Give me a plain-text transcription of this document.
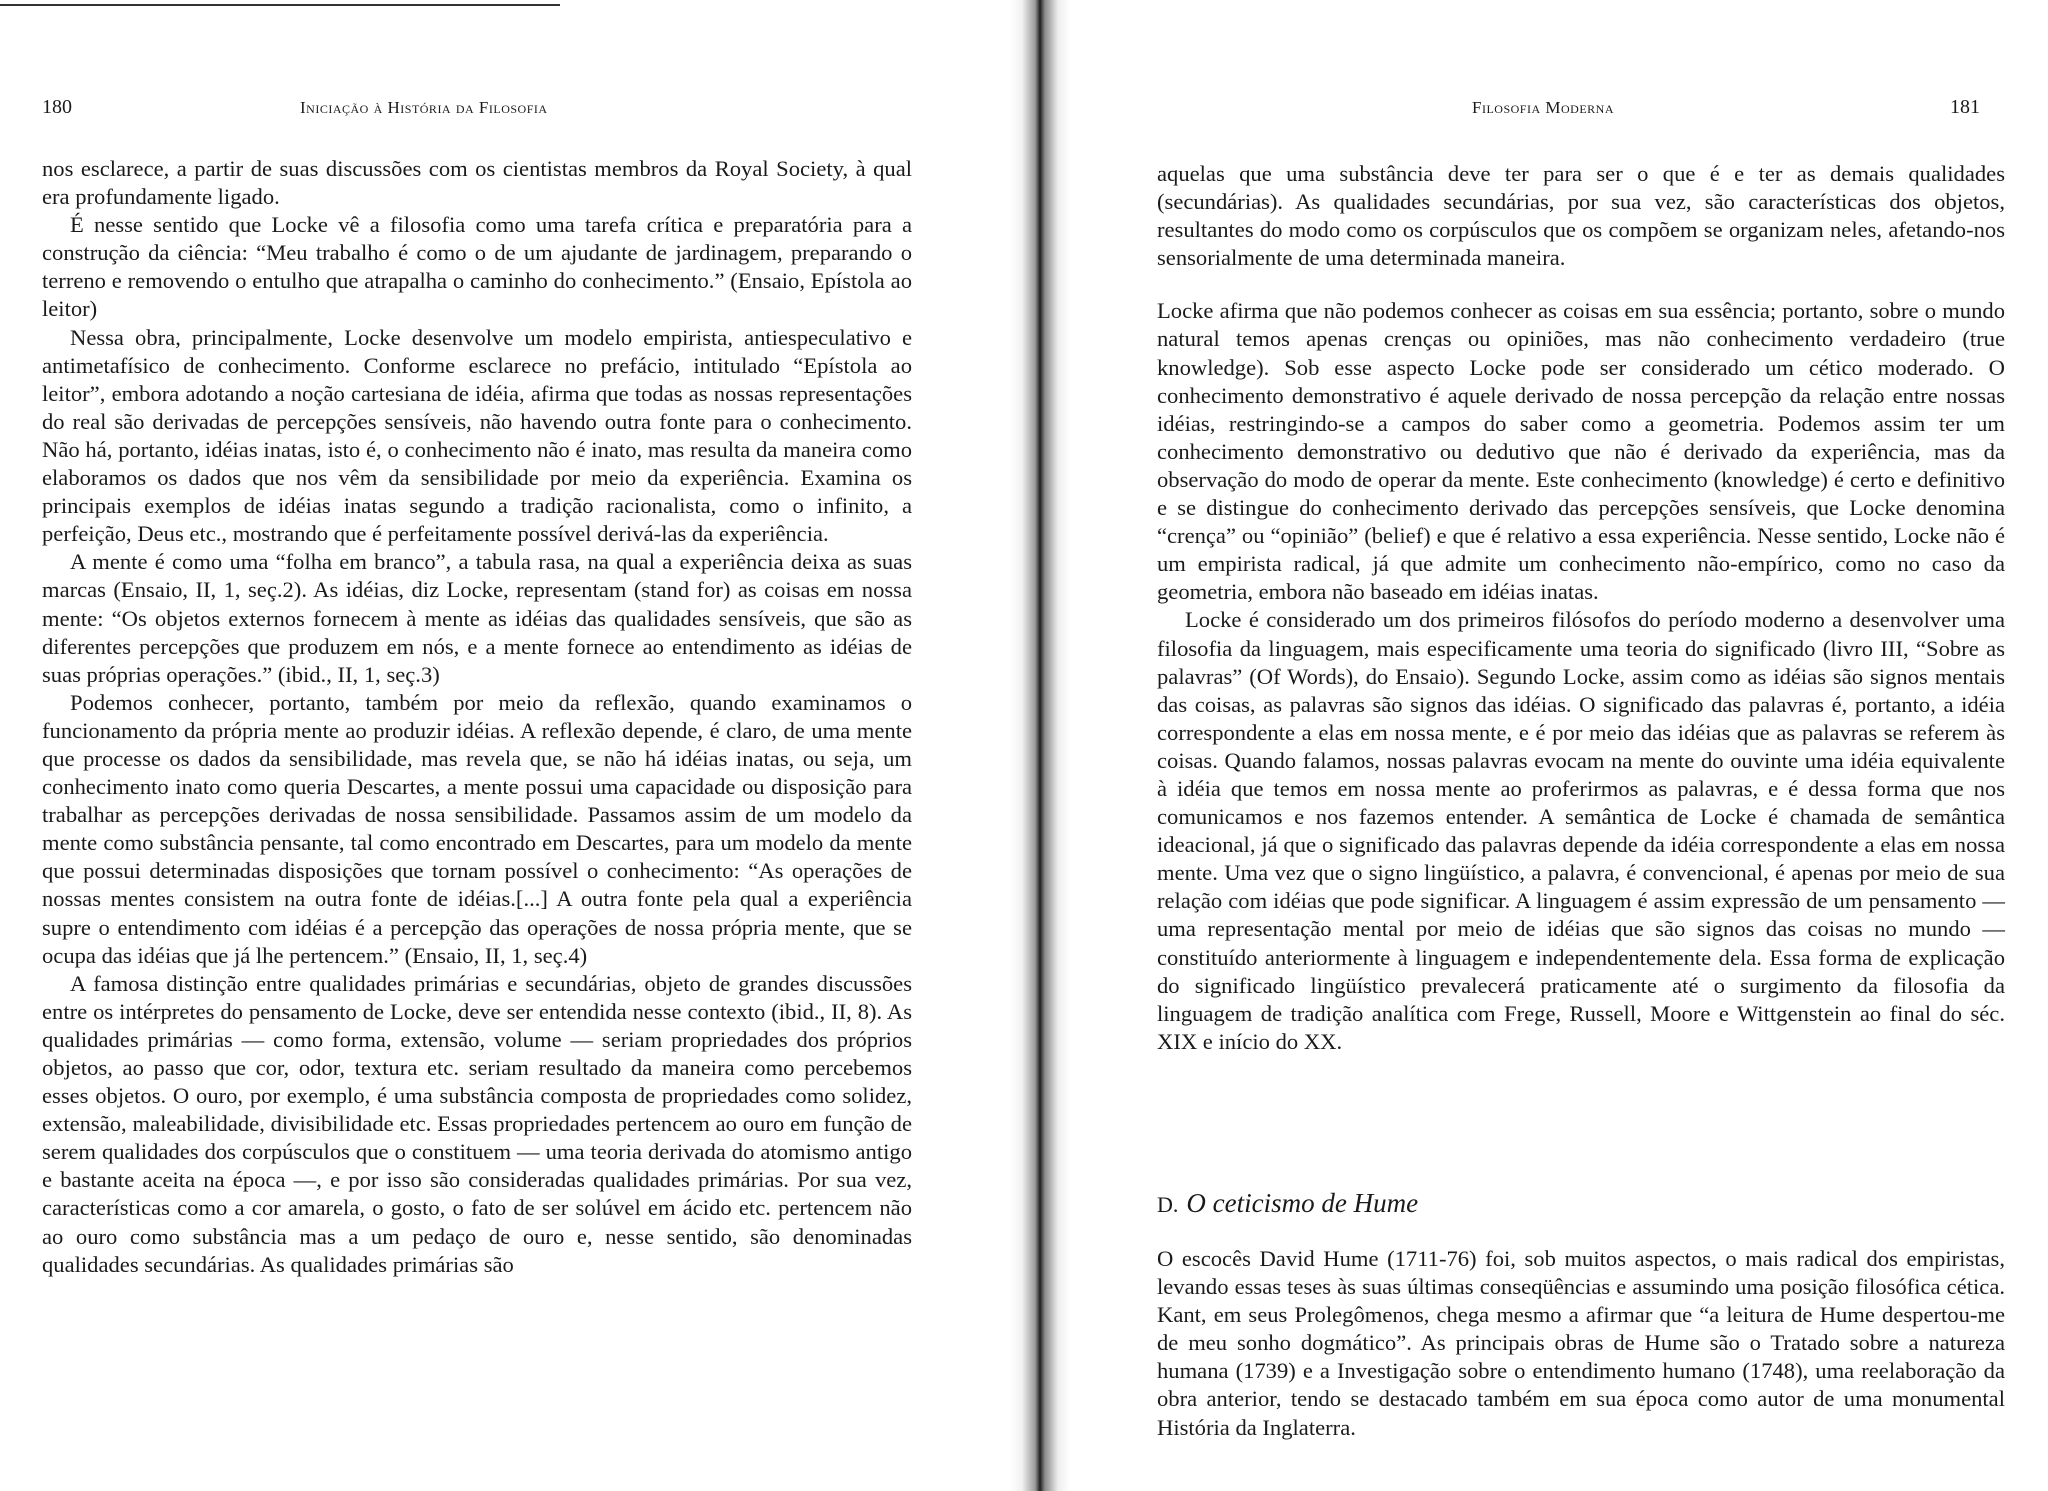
180	Iniciação à História da Filosofia

nos esclarece, a partir de suas discussões com os cientistas membros da Royal Society, à qual era profundamente ligado.

É nesse sentido que Locke vê a filosofia como uma tarefa crítica e preparatória para a construção da ciência: “Meu trabalho é como o de um ajudante de jardinagem, preparando o terreno e removendo o entulho que atrapalha o caminho do conhecimento.” (Ensaio, Epístola ao leitor)

Nessa obra, principalmente, Locke desenvolve um modelo empirista, antiespeculativo e antimetafísico de conhecimento. Conforme esclarece no prefácio, intitulado “Epístola ao leitor”, embora adotando a noção cartesiana de idéia, afirma que todas as nossas representações do real são derivadas de percepções sensíveis, não havendo outra fonte para o conhecimento. Não há, portanto, idéias inatas, isto é, o conhecimento não é inato, mas resulta da maneira como elaboramos os dados que nos vêm da sensibilidade por meio da experiência. Examina os principais exemplos de idéias inatas segundo a tradição racionalista, como o infinito, a perfeição, Deus etc., mostrando que é perfeitamente possível derivá-las da experiência.

A mente é como uma “folha em branco”, a tabula rasa, na qual a experiência deixa as suas marcas (Ensaio, II, 1, seç.2). As idéias, diz Locke, representam (stand for) as coisas em nossa mente: “Os objetos externos fornecem à mente as idéias das qualidades sensíveis, que são as diferentes percepções que produzem em nós, e a mente fornece ao entendimento as idéias de suas próprias operações.” (ibid., II, 1, seç.3)

Podemos conhecer, portanto, também por meio da reflexão, quando examinamos o funcionamento da própria mente ao produzir idéias. A reflexão depende, é claro, de uma mente que processe os dados da sensibilidade, mas revela que, se não há idéias inatas, ou seja, um conhecimento inato como queria Descartes, a mente possui uma capacidade ou disposição para trabalhar as percepções derivadas de nossa sensibilidade. Passamos assim de um modelo da mente como substância pensante, tal como encontrado em Descartes, para um modelo da mente que possui determinadas disposições que tornam possível o conhecimento: “As operações de nossas mentes consistem na outra fonte de idéias.[...] A outra fonte pela qual a experiência supre o entendimento com idéias é a percepção das operações de nossa própria mente, que se ocupa das idéias que já lhe pertencem.” (Ensaio, II, 1, seç.4)

A famosa distinção entre qualidades primárias e secundárias, objeto de grandes discussões entre os intérpretes do pensamento de Locke, deve ser entendida nesse contexto (ibid., II, 8). As qualidades primárias — como forma, extensão, volume — seriam propriedades dos próprios objetos, ao passo que cor, odor, textura etc. seriam resultado da maneira como percebemos esses objetos. O ouro, por exemplo, é uma substância composta de propriedades como solidez, extensão, maleabilidade, divisibilidade etc. Essas propriedades pertencem ao ouro em função de serem qualidades dos corpúsculos que o constituem — uma teoria derivada do atomismo antigo e bastante aceita na época —, e por isso são consideradas qualidades primárias. Por sua vez, características como a cor amarela, o gosto, o fato de ser solúvel em ácido etc. pertencem não ao ouro como substância mas a um pedaço de ouro e, nesse sentido, são denominadas qualidades secundárias. As qualidades primárias são

Filosofia Moderna	181

aquelas que uma substância deve ter para ser o que é e ter as demais qualidades (secundárias). As qualidades secundárias, por sua vez, são características dos objetos, resultantes do modo como os corpúsculos que os compõem se organizam neles, afetando-nos sensorialmente de uma determinada maneira.

Locke afirma que não podemos conhecer as coisas em sua essência; portanto, sobre o mundo natural temos apenas crenças ou opiniões, mas não conhecimento verdadeiro (true knowledge). Sob esse aspecto Locke pode ser considerado um cético moderado. O conhecimento demonstrativo é aquele derivado de nossa percepção da relação entre nossas idéias, restringindo-se a campos do saber como a geometria. Podemos assim ter um conhecimento demonstrativo ou dedutivo que não é derivado da experiência, mas da observação do modo de operar da mente. Este conhecimento (knowledge) é certo e definitivo e se distingue do conhecimento derivado das percepções sensíveis, que Locke denomina “crença” ou “opinião” (belief) e que é relativo a essa experiência. Nesse sentido, Locke não é um empirista radical, já que admite um conhecimento não-empírico, como no caso da geometria, embora não baseado em idéias inatas.

Locke é considerado um dos primeiros filósofos do período moderno a desenvolver uma filosofia da linguagem, mais especificamente uma teoria do significado (livro III, “Sobre as palavras” (Of Words), do Ensaio). Segundo Locke, assim como as idéias são signos mentais das coisas, as palavras são signos das idéias. O significado das palavras é, portanto, a idéia correspondente a elas em nossa mente, e é por meio das idéias que as palavras se referem às coisas. Quando falamos, nossas palavras evocam na mente do ouvinte uma idéia equivalente à idéia que temos em nossa mente ao proferirmos as palavras, e é dessa forma que nos comunicamos e nos fazemos entender. A semântica de Locke é chamada de semântica ideacional, já que o significado das palavras depende da idéia correspondente a elas em nossa mente. Uma vez que o signo lingüístico, a palavra, é convencional, é apenas por meio de sua relação com idéias que pode significar. A linguagem é assim expressão de um pensamento — uma representação mental por meio de idéias que são signos das coisas no mundo — constituído anteriormente à linguagem e independentemente dela. Essa forma de explicação do significado lingüístico prevalecerá praticamente até o surgimento da filosofia da linguagem de tradição analítica com Frege, Russell, Moore e Wittgenstein ao final do séc. XIX e início do XX.

D. O ceticismo de Hume

O escocês David Hume (1711-76) foi, sob muitos aspectos, o mais radical dos empiristas, levando essas teses às suas últimas conseqüências e assumindo uma posição filosófica cética. Kant, em seus Prolegômenos, chega mesmo a afirmar que “a leitura de Hume despertou-me de meu sonho dogmático”. As principais obras de Hume são o Tratado sobre a natureza humana (1739) e a Investigação sobre o entendimento humano (1748), uma reelaboração da obra anterior, tendo se destacado também em sua época como autor de uma monumental História da Inglaterra.
